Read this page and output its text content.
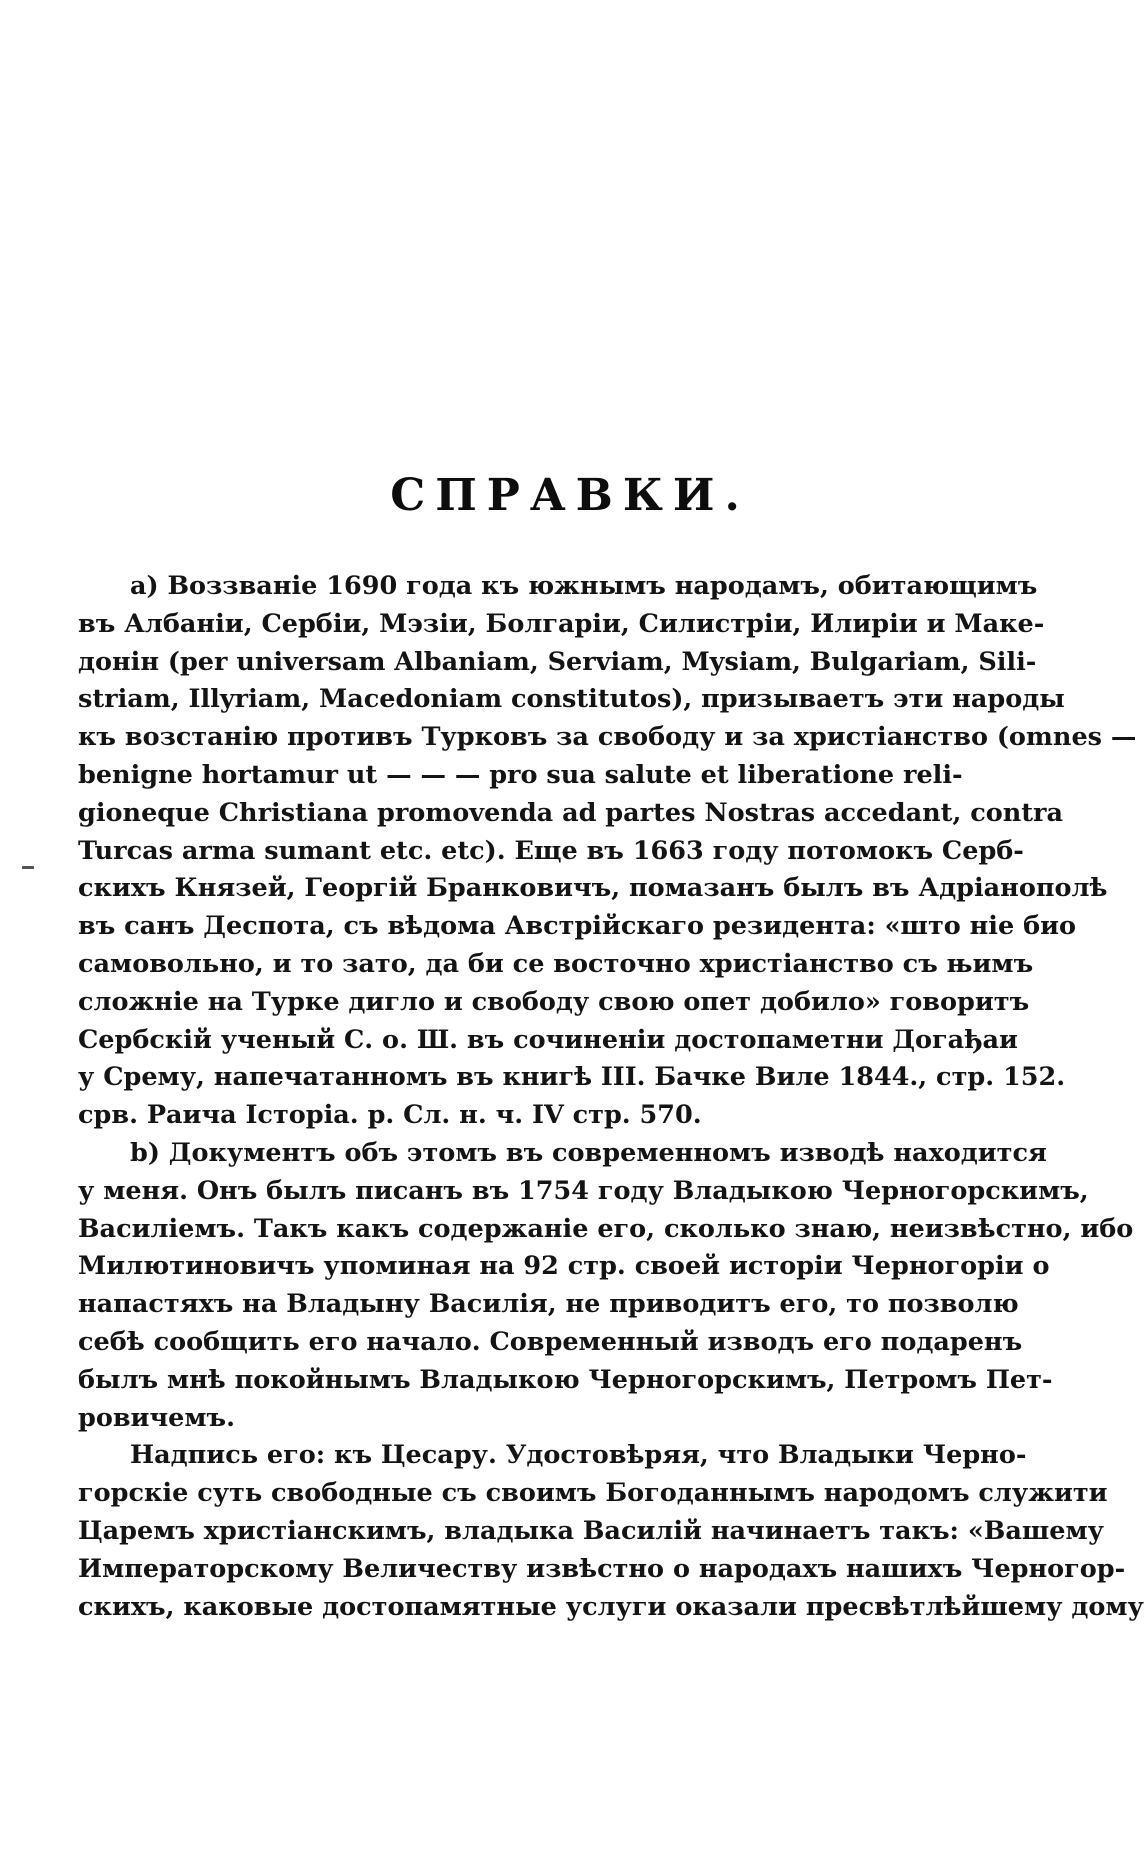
СПРАВКИ.
а) Воззваніе 1690 года къ южнымъ народамъ, обитающимъ
въ Албаніи, Сербіи, Мэзіи, Болгаріи, Силистріи, Илиріи и Маке-
донін (per universam Albaniam, Serviam, Mysiam, Bulgariam, Sili-
striam, Illyriam, Macedoniam constitutos), призываетъ эти народы
къ возстанію противъ Турковъ за свободу и за христіанство (omnes —
benigne hortamur ut — — — pro sua salute et liberatione reli-
gioneque Christiana promovenda ad partes Nostras accedant, contra
Turcas arma sumant etc. etc). Еще въ 1663 году потомокъ Серб-
скихъ Князей, Георгій Бранковичъ, помазанъ былъ въ Адріанополѣ
въ санъ Деспота, съ вѣдома Австрійскаго резидента: «што ніе био
самовольно, и то зато, да би се восточно христіанство съ њимъ
сложніе на Турке дигло и свободу свою опет добило» говоритъ
Сербскій ученый С. о. Ш. въ сочиненіи достопаметни Догађаи
у Срему, напечатанномъ въ книгѣ III. Бачке Виле 1844., стр. 152.
срв. Раича Історіа. р. Сл. н. ч. IV стр. 570.
b) Документъ объ этомъ въ современномъ изводѣ находится
у меня. Онъ былъ писанъ въ 1754 году Владыкою Черногорскимъ,
Василіемъ. Такъ какъ содержаніе его, сколько знаю, неизвѣстно, ибо
Милютиновичъ упоминая на 92 стр. своей исторіи Черногоріи о
напастяхъ на Владыну Василія, не приводитъ его, то позволю
себѣ сообщить его начало. Современный изводъ его подаренъ
былъ мнѣ покойнымъ Владыкою Черногорскимъ, Петромъ Пет-
ровичемъ.
Надпись его: къ Цесару. Удостовѣряя, что Владыки Черно-
горскіе суть свободные съ своимъ Богоданнымъ народомъ служити
Царемъ христіанскимъ, владыка Василій начинаетъ такъ: «Вашему
Императорскому Величеству извѣстно о народахъ нашихъ Черногор-
скихъ, каковые достопамятные услуги оказали пресвѣтлѣйшему дому
